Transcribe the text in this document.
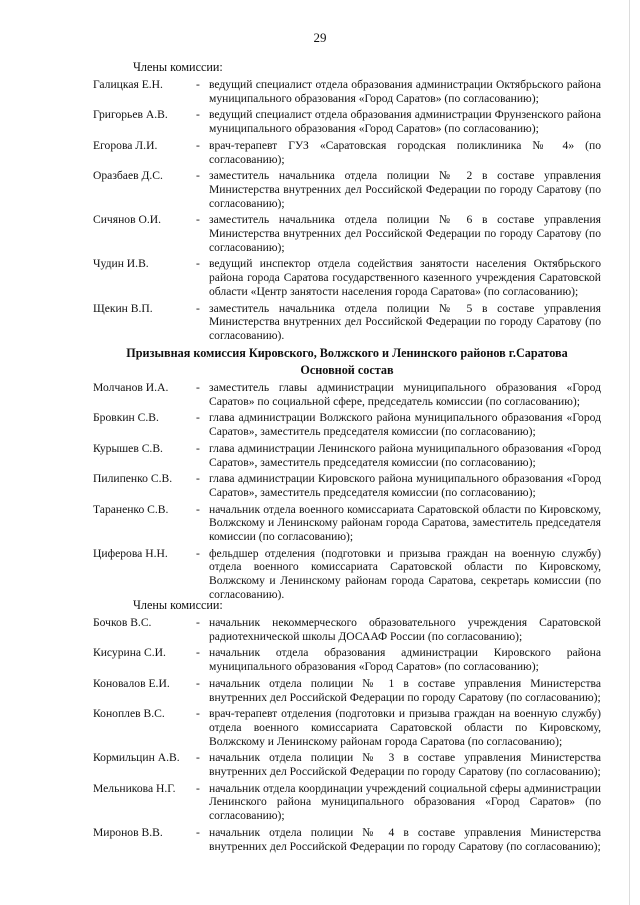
29
Члены комиссии:
Галицкая Е.Н.	- ведущий специалист отдела образования администрации Октябрьского района муниципального образования «Город Саратов» (по согласованию);
Григорьев А.В.	- ведущий специалист отдела образования администрации Фрунзенского района муниципального образования «Город Саратов» (по согласованию);
Егорова Л.И.	- врач-терапевт ГУЗ «Саратовская городская поликлиника № 4» (по согласованию);
Оразбаев Д.С.	- заместитель начальника отдела полиции № 2 в составе управления Министерства внутренних дел Российской Федерации по городу Саратову (по согласованию);
Сичянов О.И.	- заместитель начальника отдела полиции № 6 в составе управления Министерства внутренних дел Российской Федерации по городу Саратову (по согласованию);
Чудин И.В.	- ведущий инспектор отдела содействия занятости населения Октябрьского района города Саратова государственного казенного учреждения Саратовской области «Центр занятости населения города Саратова» (по согласованию);
Щекин В.П.	- заместитель начальника отдела полиции № 5 в составе управления Министерства внутренних дел Российской Федерации по городу Саратову (по согласованию).
Призывная комиссия Кировского, Волжского и Ленинского районов г.Саратова
Основной состав
Молчанов И.А.	- заместитель главы администрации муниципального образования «Город Саратов» по социальной сфере, председатель комиссии (по согласованию);
Бровкин С.В.	- глава администрации Волжского района муниципального образования «Город Саратов», заместитель председателя комиссии (по согласованию);
Курышев С.В.	- глава администрации Ленинского района муниципального образования «Город Саратов», заместитель председателя комиссии (по согласованию);
Пилипенко С.В.	- глава администрации Кировского района муниципального образования «Город Саратов», заместитель председателя комиссии (по согласованию);
Тараненко С.В.	- начальник отдела военного комиссариата Саратовской области по Кировскому, Волжскому и Ленинскому районам города Саратова, заместитель председателя комиссии (по согласованию);
Циферова Н.Н.	- фельдшер отделения (подготовки и призыва граждан на военную службу) отдела военного комиссариата Саратовской области по Кировскому, Волжскому и Ленинскому районам города Саратова, секретарь комиссии (по согласованию).
Члены комиссии:
Бочков В.С.	- начальник некоммерческого образовательного учреждения Саратовской радиотехнической школы ДОСААФ России (по согласованию);
Кисурина С.И.	- начальник отдела образования администрации Кировского района муниципального образования «Город Саратов» (по согласованию);
Коновалов Е.И.	- начальник отдела полиции № 1 в составе управления Министерства внутренних дел Российской Федерации по городу Саратову (по согласованию);
Коноплев В.С.	- врач-терапевт отделения (подготовки и призыва граждан на военную службу) отдела военного комиссариата Саратовской области по Кировскому, Волжскому и Ленинскому районам города Саратова (по согласованию);
Кормильцин А.В.	- начальник отдела полиции № 3 в составе управления Министерства внутренних дел Российской Федерации по городу Саратову (по согласованию);
Мельникова Н.Г.	- начальник отдела координации учреждений социальной сферы администрации Ленинского района муниципального образования «Город Саратов» (по согласованию);
Миронов В.В.	- начальник отдела полиции № 4 в составе управления Министерства внутренних дел Российской Федерации по городу Саратову (по согласованию);
